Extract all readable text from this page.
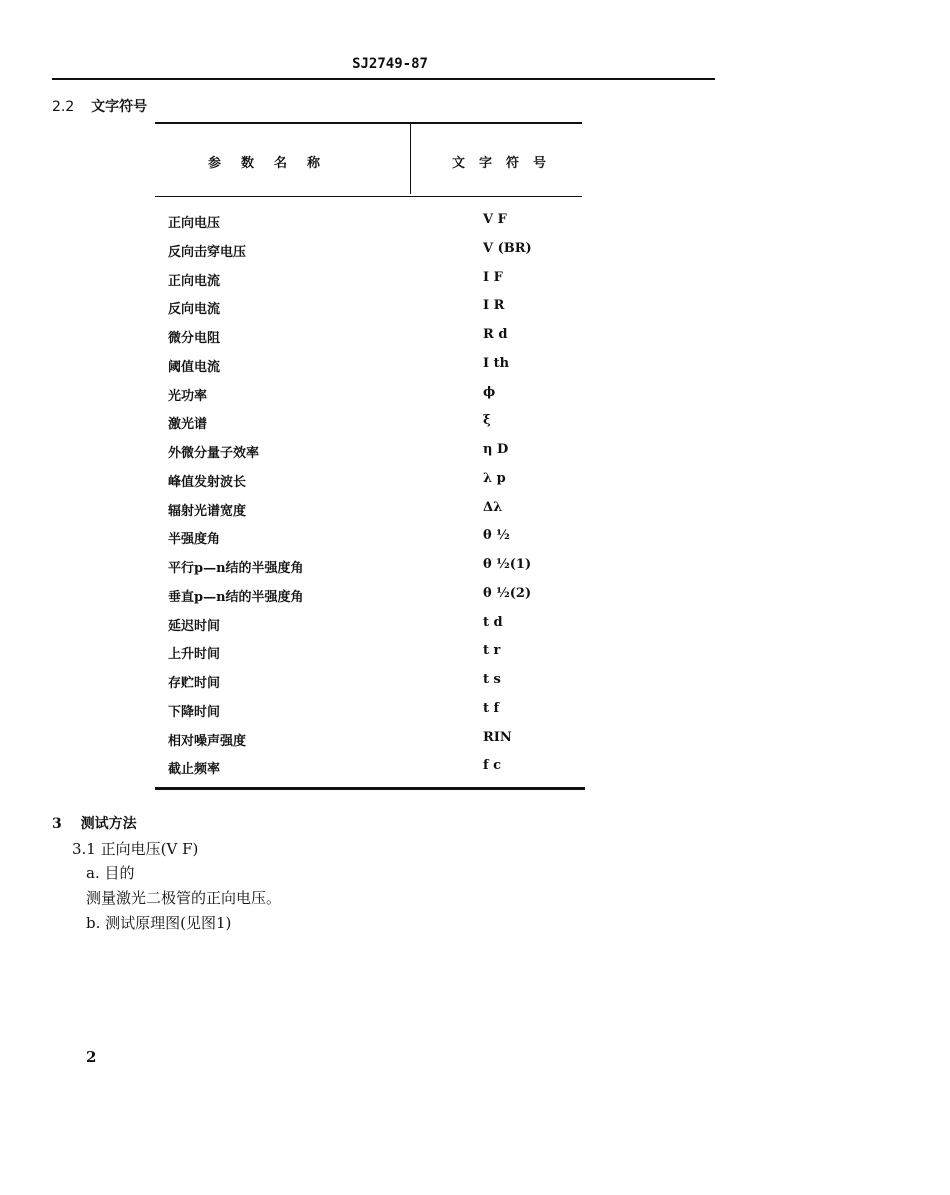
SJ2749-87
2.2 文字符号
参数名称	文字符号
正向电压	V F
反向击穿电压	V (BR)
正向电流	I F
反向电流	I R
微分电阻	R d
阈值电流	I th
光功率	ϕ
激光谱	ξ
外微分量子效率	η D
峰值发射波长	λ p
辐射光谱宽度	Δλ
半强度角	θ ½
平行p—n结的半强度角	θ ½(1)
垂直p—n结的半强度角	θ ½(2)
延迟时间	t d
上升时间	t r
存贮时间	t s
下降时间	t f
相对噪声强度	RIN
截止频率	f c
3 测试方法
3.1 正向电压(V F)
a. 目的
测量激光二极管的正向电压。
b. 测试原理图(见图1)
2
